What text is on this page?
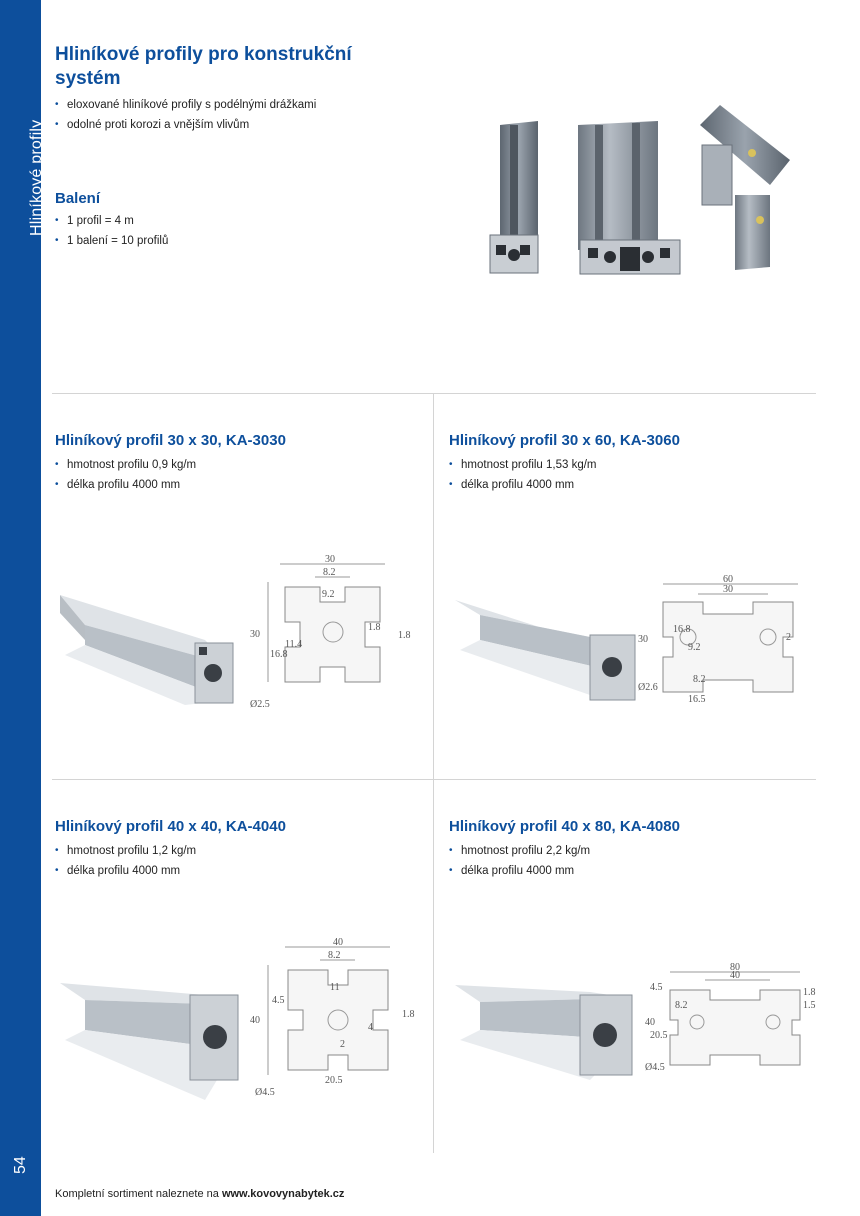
Hliníkové profily
54
Hliníkové profily pro konstrukční systém
• eloxované hliníkové profily s podélnými drážkami
• odolné proti korozi a vnějším vlivům
Balení
• 1 profil = 4 m
• 1 balení = 10 profilů
Hliníkový profil 30 x 30, KA-3030
• hmotnost profilu 0,9 kg/m
• délka profilu 4000 mm
30
8.2
9.2
30
16.8
11.4
1.8
1.8
Ø2.5
Hliníkový profil 30 x 60, KA-3060
• hmotnost profilu 1,53 kg/m
• délka profilu 4000 mm
60
30
30
16.8
9.2
8.2
16.5
2
Ø2.6
Hliníkový profil 40 x 40, KA-4040
• hmotnost profilu 1,2 kg/m
• délka profilu 4000 mm
40
8.2
11
40
4.5
4
2
20.5
1.8
Ø4.5
Hliníkový profil 40 x 80, KA-4080
• hmotnost profilu 2,2 kg/m
• délka profilu 4000 mm
80
40
40
20.5
4.5	1.8
8.2	1.5
Ø4.5
Kompletní sortiment naleznete na www.kovovynabytek.cz
